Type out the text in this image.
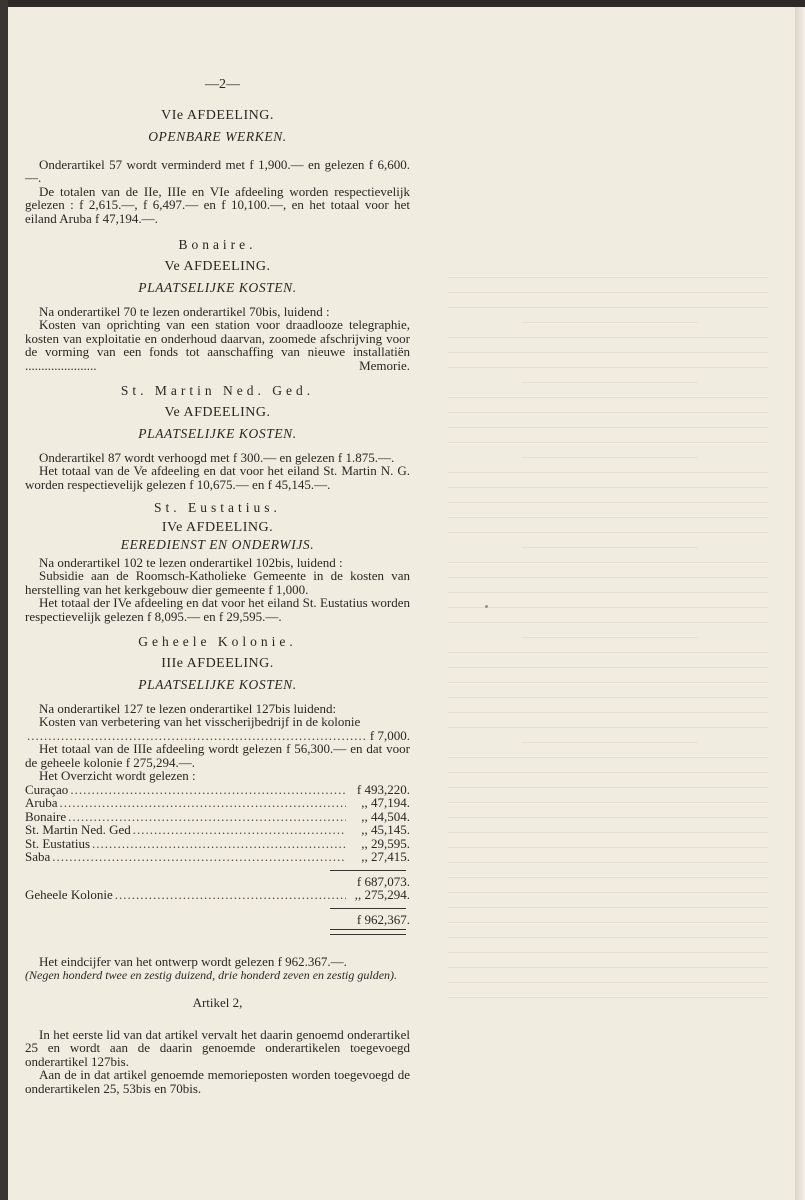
—2—
VIe AFDEELING.
OPENBARE WERKEN.

Onderartikel 57 wordt verminderd met f 1,900.— en gelezen f 6,600.—.

De totalen van de IIe, IIIe en VIe afdeeling worden respectievelijk gelezen : f 2,615.—, f 6,497.— en f 10,100.—, en het totaal voor het eiland Aruba f 47,194.—.

Bonaire.
Ve AFDEELING.
PLAATSELIJKE KOSTEN.

Na onderartikel 70 te lezen onderartikel 70bis, luidend :

Kosten van oprichting van een station voor draadlooze telegraphie, kosten van exploitatie en onderhoud daarvan, zoomede afschrijving voor de vorming van een fonds tot aanschaffing van nieuwe installatiën ......................	Memorie.

St. Martin Ned. Ged.
Ve AFDEELING.
PLAATSELIJKE KOSTEN.

Onderartikel 87 wordt verhoogd met f 300.— en gelezen f 1.875.—.

Het totaal van de Ve afdeeling en dat voor het eiland St. Martin N. G. worden respectievelijk gelezen f 10,675.— en f 45,145.—.

St. Eustatius.
IVe AFDEELING.
EEREDIENST EN ONDERWIJS.

Na onderartikel 102 te lezen onderartikel 102bis, luidend :

Subsidie aan de Roomsch-Katholieke Gemeente in de kosten van herstelling van het kerkgebouw dier gemeente f 1,000.

Het totaal der IVe afdeeling en dat voor het eiland St. Eustatius worden respectievelijk gelezen f 8,095.— en f 29,595.—.

Geheele Kolonie.
IIIe AFDEELING.
PLAATSELIJKE KOSTEN.

Na onderartikel 127 te lezen onderartikel 127bis luidend:

Kosten van verbetering van het visscherijbedrijf in de kolonie

.....
f 7,000.

Het totaal van de IIIe afdeeling wordt gelezen f 56,300.— en dat voor de geheele kolonie f 275,294.—.

Het Overzicht wordt gelezen :

Curaçao .....	f 493,220.
Aruba .....	,, 47,194.
Bonaire .....	,, 44,504.
St. Martin Ned. Ged .....	,, 45,145.
St. Eustatius .....	,, 29,595.
Saba .....	,, 27,415.
f 687,073.
Geheele Kolonie .....	,, 275,294.
f 962,367.

Het eindcijfer van het ontwerp wordt gelezen f 962.367.—.

(Negen honderd twee en zestig duizend, drie honderd zeven en zestig gulden).

Artikel 2,

In het eerste lid van dat artikel vervalt het daarin genoemd onderartikel 25 en wordt aan de daarin genoemde onderartikelen toegevoegd onderartikel 127bis.

Aan de in dat artikel genoemde memorieposten worden toegevoegd de onderartikelen 25, 53bis en 70bis.
